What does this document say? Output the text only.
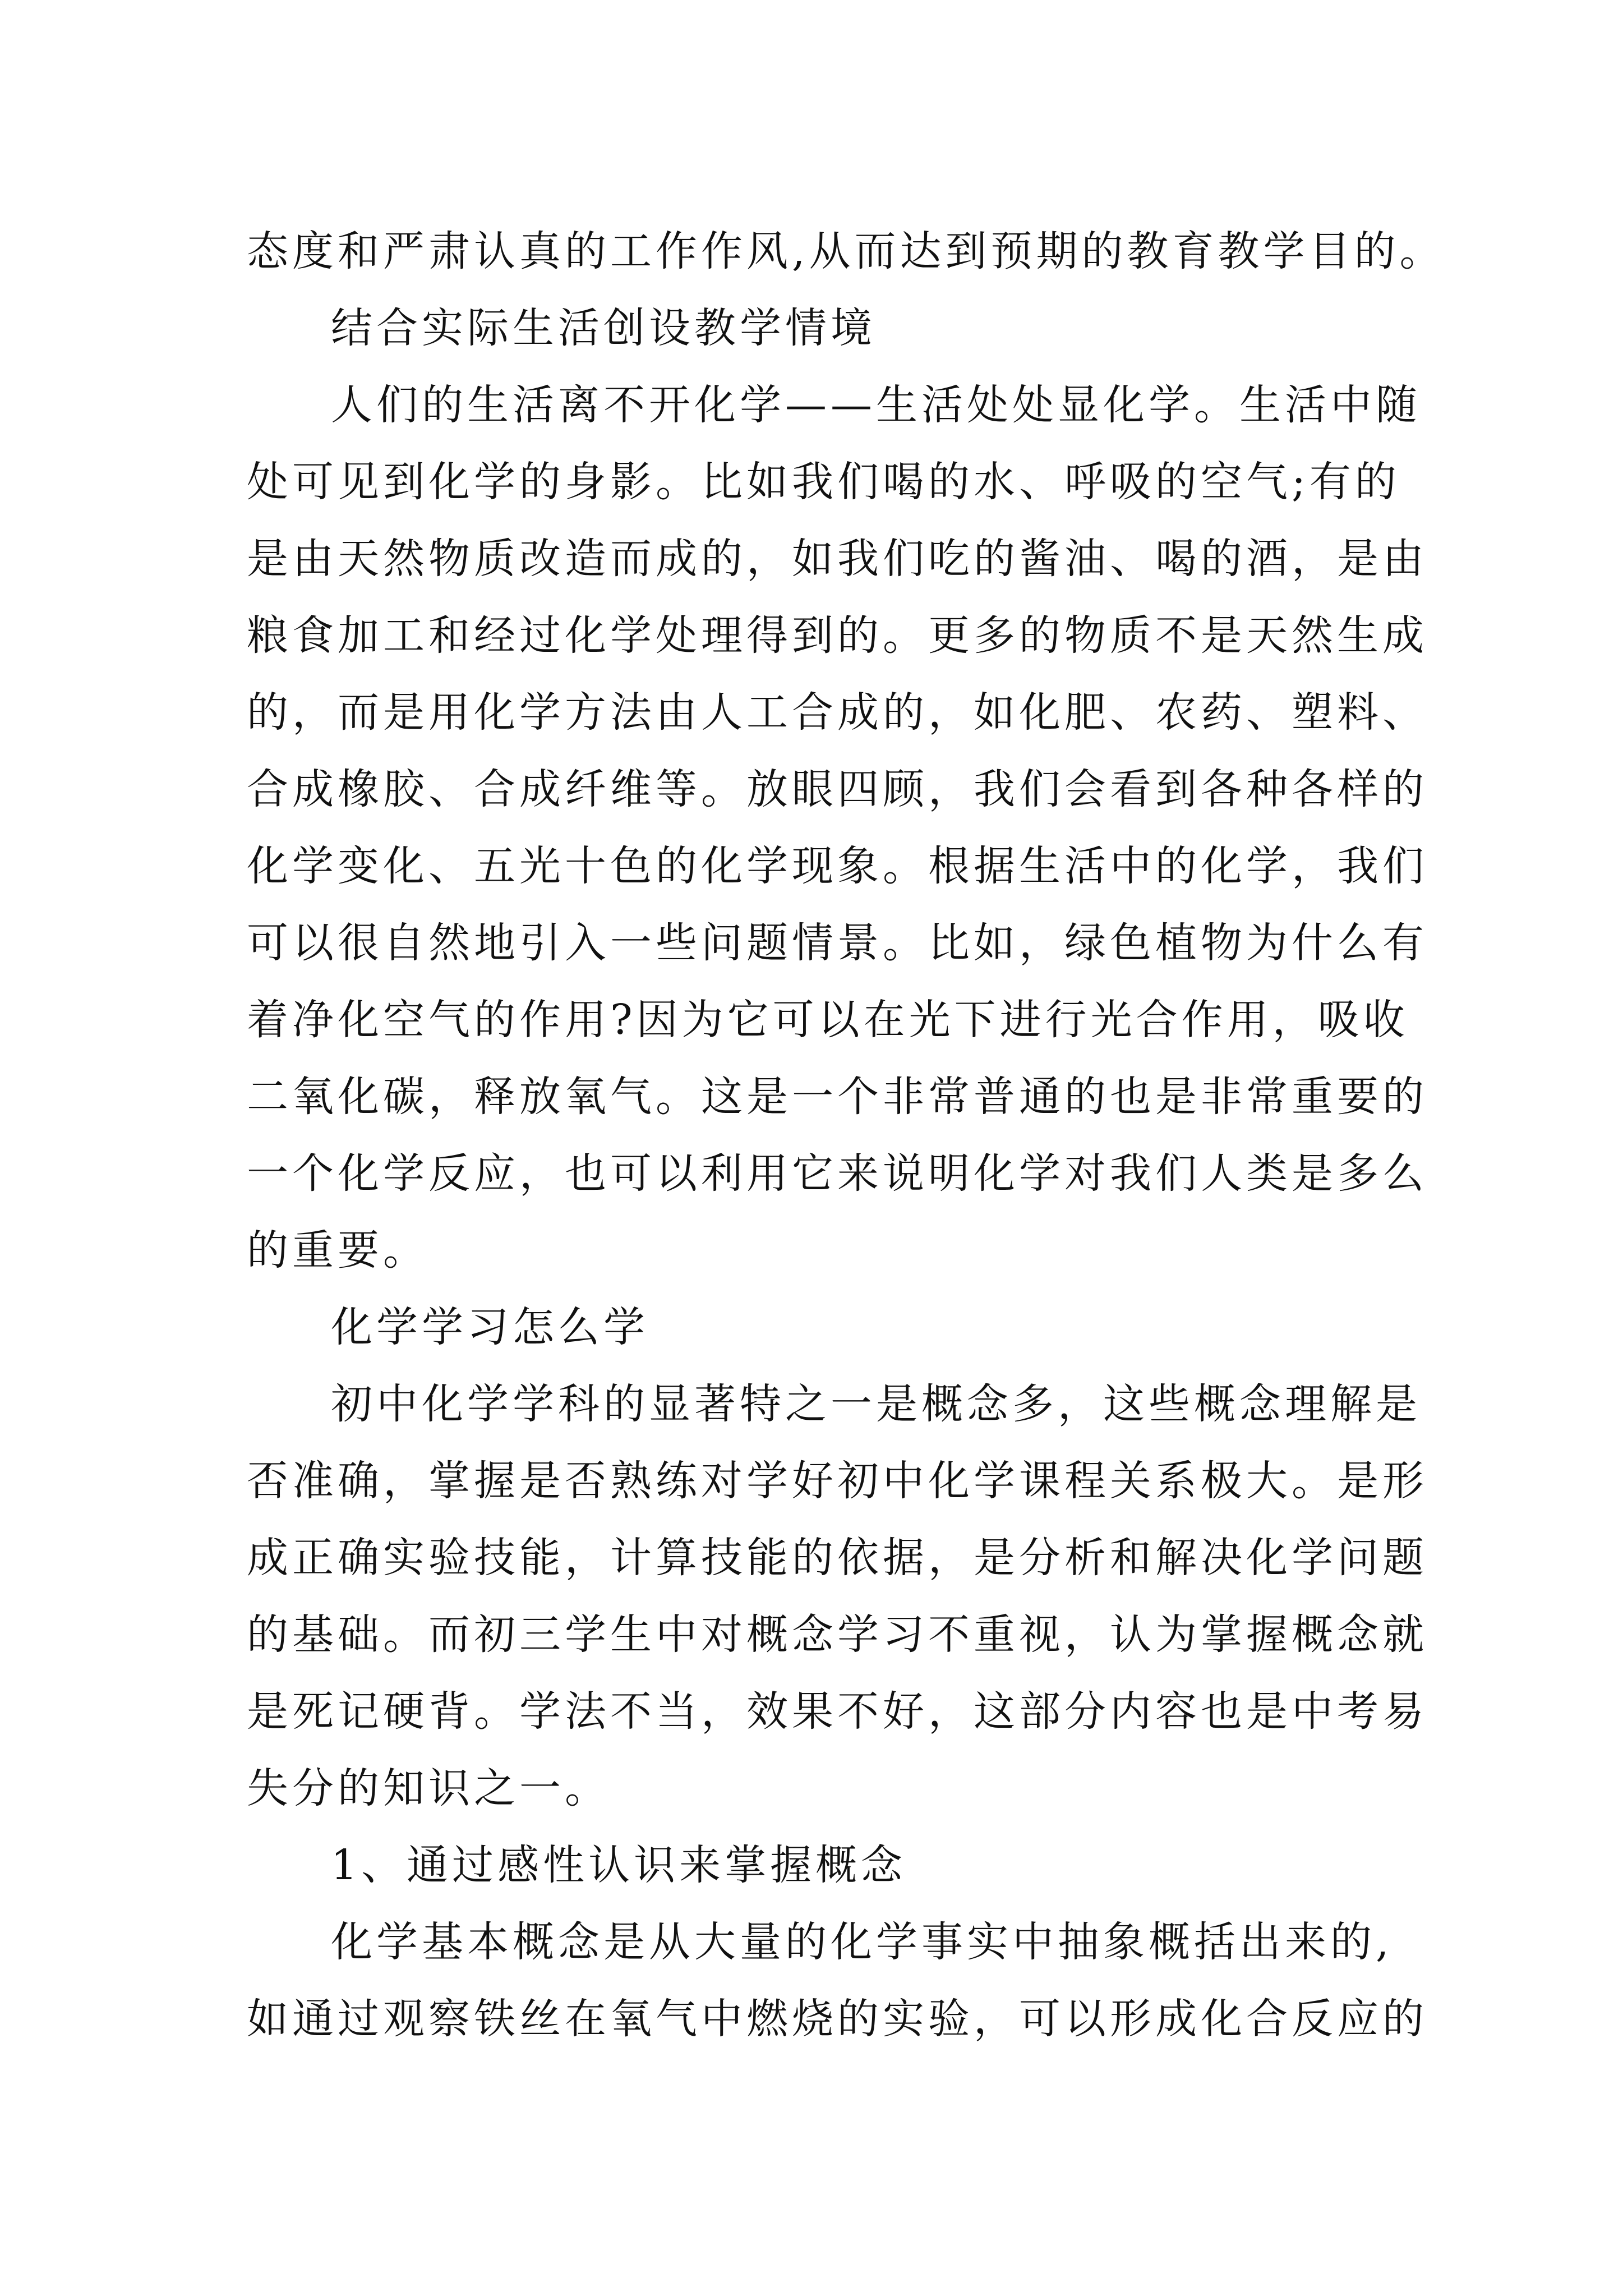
态度和严肃认真的工作作风,从而达到预期的教育教学目的。
结合实际生活创设教学情境
人们的生活离不开化学——生活处处显化学。生活中随
处可见到化学的身影。比如我们喝的水、呼吸的空气;有的
是由天然物质改造而成的，如我们吃的酱油、喝的酒，是由
粮食加工和经过化学处理得到的。更多的物质不是天然生成
的，而是用化学方法由人工合成的，如化肥、农药、塑料、
合成橡胶、合成纤维等。放眼四顾，我们会看到各种各样的
化学变化、五光十色的化学现象。根据生活中的化学，我们
可以很自然地引入一些问题情景。比如，绿色植物为什么有
着净化空气的作用?因为它可以在光下进行光合作用，吸收
二氧化碳，释放氧气。这是一个非常普通的也是非常重要的
一个化学反应，也可以利用它来说明化学对我们人类是多么
的重要。
化学学习怎么学
初中化学学科的显著特之一是概念多，这些概念理解是
否准确，掌握是否熟练对学好初中化学课程关系极大。是形
成正确实验技能，计算技能的依据，是分析和解决化学问题
的基础。而初三学生中对概念学习不重视，认为掌握概念就
是死记硬背。学法不当，效果不好，这部分内容也是中考易
失分的知识之一。
1、通过感性认识来掌握概念
化学基本概念是从大量的化学事实中抽象概括出来的,
如通过观察铁丝在氧气中燃烧的实验，可以形成化合反应的
